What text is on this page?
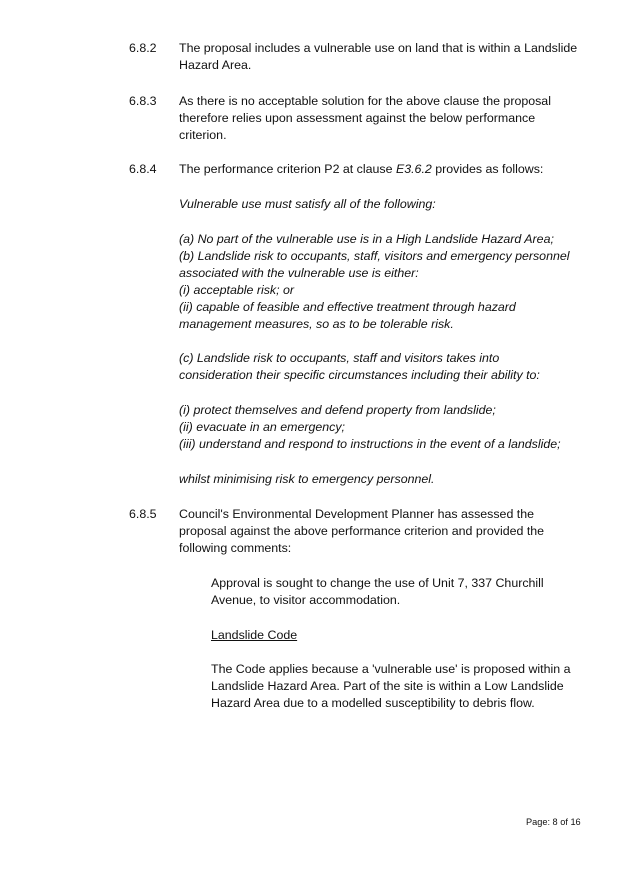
6.8.2	The proposal includes a vulnerable use on land that is within a Landslide
Hazard Area.
6.8.3	As there is no acceptable solution for the above clause the proposal
therefore relies upon assessment against the below performance
criterion.
6.8.4	The performance criterion P2 at clause E3.6.2 provides as follows:
Vulnerable use must satisfy all of the following:
(a) No part of the vulnerable use is in a High Landslide Hazard Area;
(b) Landslide risk to occupants, staff, visitors and emergency personnel
associated with the vulnerable use is either:
(i) acceptable risk; or
(ii) capable of feasible and effective treatment through hazard
management measures, so as to be tolerable risk.
(c) Landslide risk to occupants, staff and visitors takes into
consideration their specific circumstances including their ability to:
(i) protect themselves and defend property from landslide;
(ii) evacuate in an emergency;
(iii) understand and respond to instructions in the event of a landslide;
whilst minimising risk to emergency personnel.
6.8.5	Council's Environmental Development Planner has assessed the
proposal against the above performance criterion and provided the
following comments:
Approval is sought to change the use of Unit 7, 337 Churchill
Avenue, to visitor accommodation.
Landslide Code
The Code applies because a 'vulnerable use' is proposed within a
Landslide Hazard Area. Part of the site is within a Low Landslide
Hazard Area due to a modelled susceptibility to debris flow.
Page: 8 of 16
